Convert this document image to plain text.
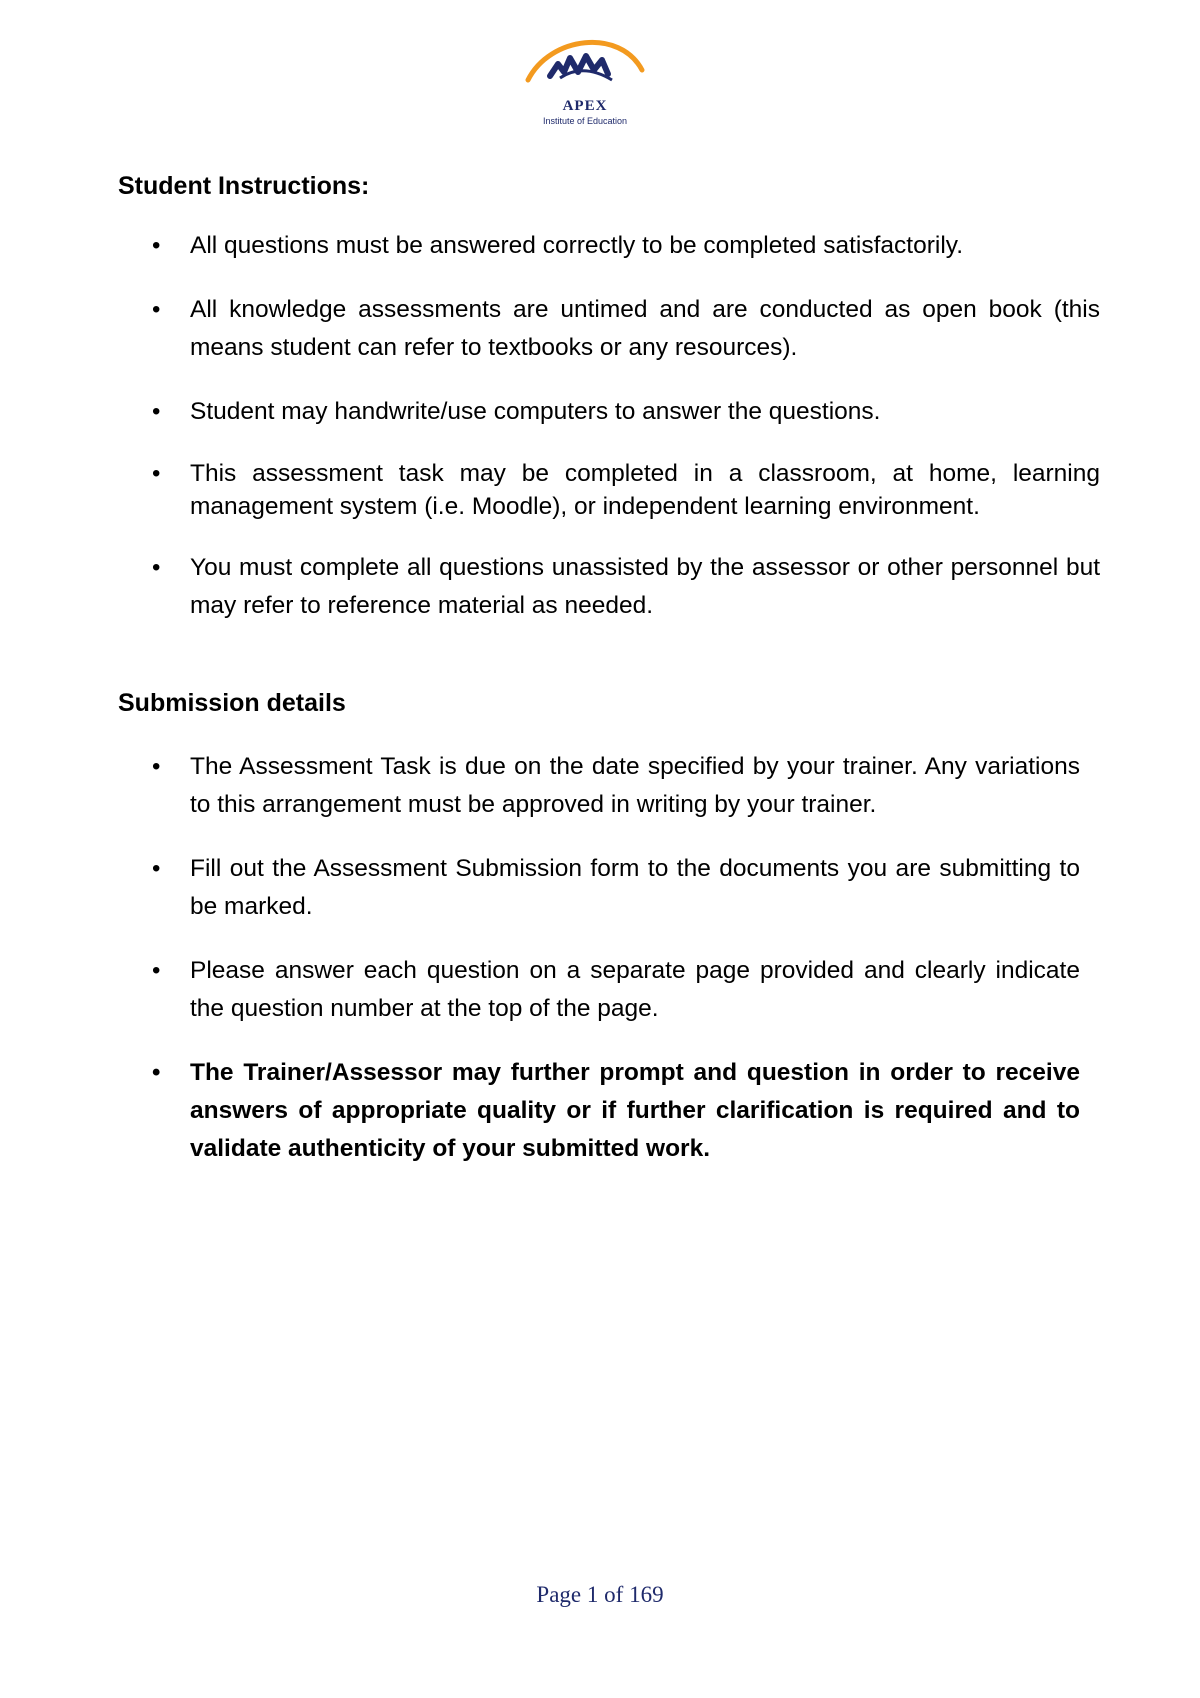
APEX
Institute of Education
Student Instructions:
• All questions must be answered correctly to be completed satisfactorily.
• All knowledge assessments are untimed and are conducted as open book (this means student can refer to textbooks or any resources).
• Student may handwrite/use computers to answer the questions.
• This assessment task may be completed in a classroom, at home, learning management system (i.e. Moodle), or independent learning environment.
• You must complete all questions unassisted by the assessor or other personnel but may refer to reference material as needed.
Submission details
• The Assessment Task is due on the date specified by your trainer. Any variations to this arrangement must be approved in writing by your trainer.
• Fill out the Assessment Submission form to the documents you are submitting to be marked.
• Please answer each question on a separate page provided and clearly indicate the question number at the top of the page.
• The Trainer/Assessor may further prompt and question in order to receive answers of appropriate quality or if further clarification is required and to validate authenticity of your submitted work.
Page 1 of 169
